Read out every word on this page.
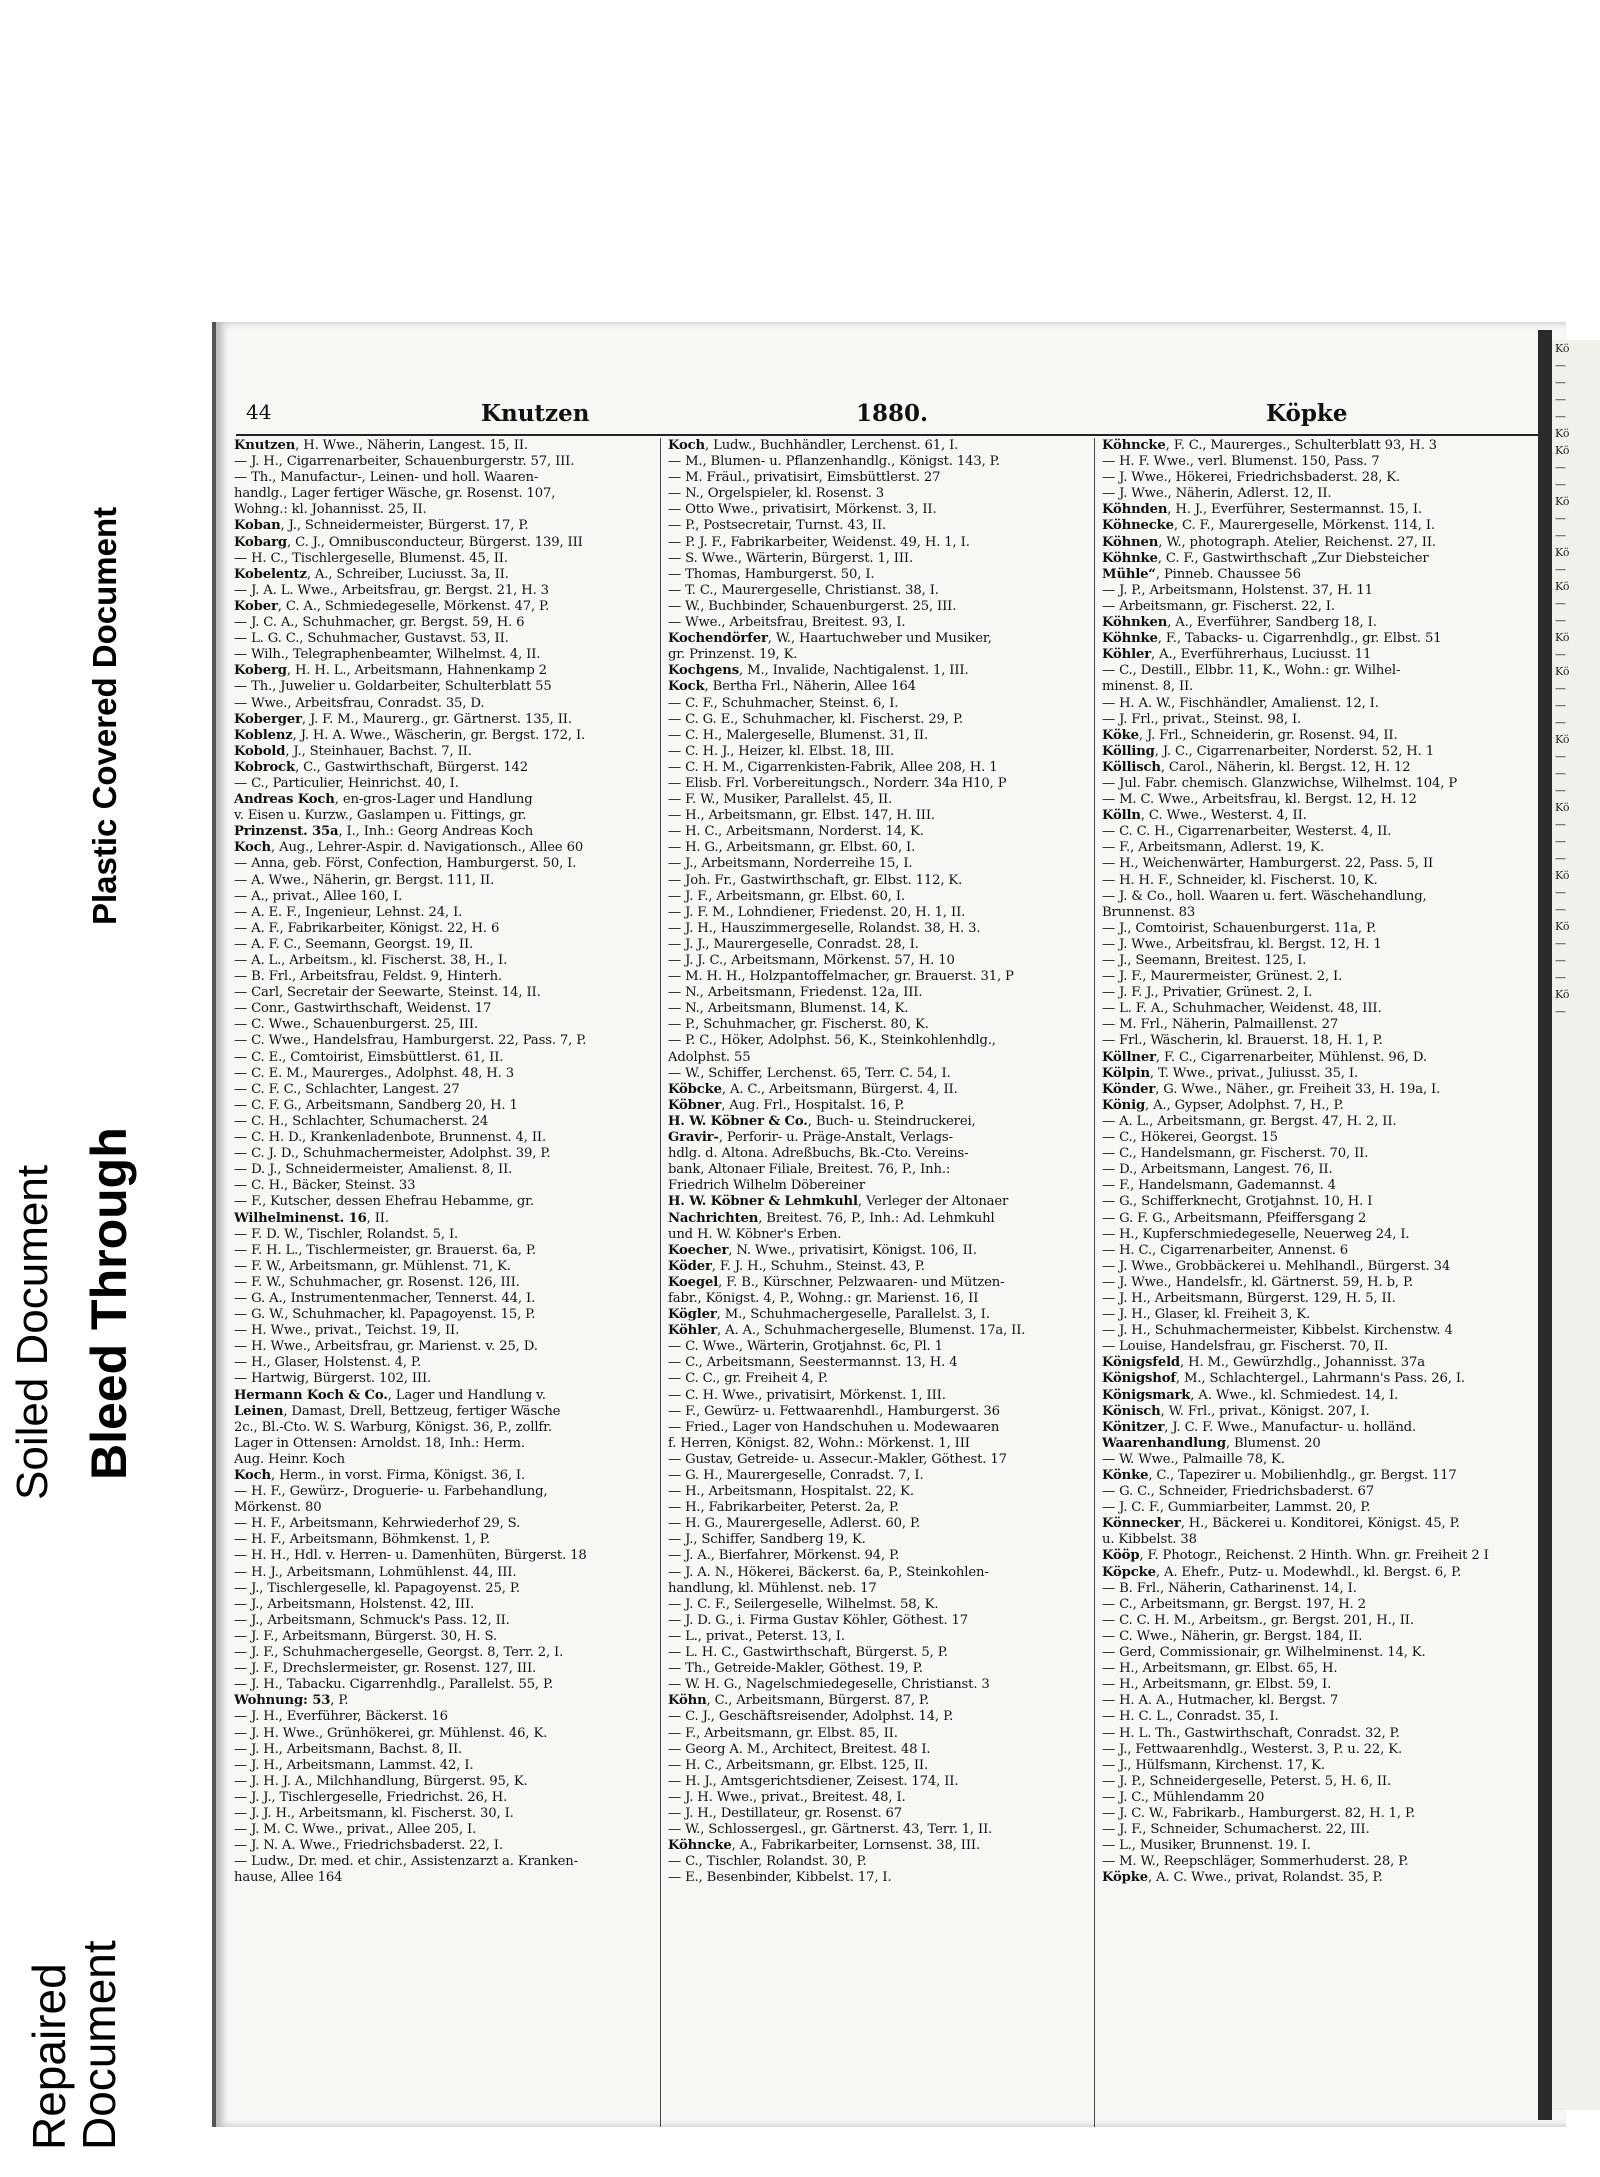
Soiled Document Bleed Through
Plastic Covered Document
Repaired
Document
44	Knutzen	1880.	Köpke
Knutzen, H. Wwe., Näherin, Langest. 15, II.
— J. H., Cigarrenarbeiter, Schauenburgerstr. 57, III.
— Th., Manufactur-, Leinen- und holl. Waaren-
handlg., Lager fertiger Wäsche, gr. Rosenst. 107,
Wohng.: kl. Johannisst. 25, II.
Koban, J., Schneidermeister, Bürgerst. 17, P.
Kobarg, C. J., Omnibusconducteur, Bürgerst. 139, III
— H. C., Tischlergeselle, Blumenst. 45, II.
Kobelentz, A., Schreiber, Luciusst. 3a, II.
— J. A. L. Wwe., Arbeitsfrau, gr. Bergst. 21, H. 3
Kober, C. A., Schmiedegeselle, Mörkenst. 47, P.
— J. C. A., Schuhmacher, gr. Bergst. 59, H. 6
— L. G. C., Schuhmacher, Gustavst. 53, II.
— Wilh., Telegraphenbeamter, Wilhelmst. 4, II.
Koberg, H. H. L., Arbeitsmann, Hahnenkamp 2
— Th., Juwelier u. Goldarbeiter, Schulterblatt 55
— Wwe., Arbeitsfrau, Conradst. 35, D.
Koberger, J. F. M., Maurerg., gr. Gärtnerst. 135, II.
Koblenz, J. H. A. Wwe., Wäscherin, gr. Bergst. 172, I.
Kobold, J., Steinhauer, Bachst. 7, II.
Kobrock, C., Gastwirthschaft, Bürgerst. 142
— C., Particulier, Heinrichst. 40, I.
Andreas Koch, en-gros-Lager und Handlung
v. Eisen u. Kurzw., Gaslampen u. Fittings, gr.
Prinzenst. 35a, I., Inh.: Georg Andreas Koch
Koch, Aug., Lehrer-Aspir. d. Navigationsch., Allee 60
— Anna, geb. Först, Confection, Hamburgerst. 50, I.
— A. Wwe., Näherin, gr. Bergst. 111, II.
— A., privat., Allee 160, I.
— A. E. F., Ingenieur, Lehnst. 24, I.
— A. F., Fabrikarbeiter, Königst. 22, H. 6
— A. F. C., Seemann, Georgst. 19, II.
— A. L., Arbeitsm., kl. Fischerst. 38, H., I.
— B. Frl., Arbeitsfrau, Feldst. 9, Hinterh.
— Carl, Secretair der Seewarte, Steinst. 14, II.
— Conr., Gastwirthschaft, Weidenst. 17
— C. Wwe., Schauenburgerst. 25, III.
— C. Wwe., Handelsfrau, Hamburgerst. 22, Pass. 7, P.
— C. E., Comtoirist, Eimsbüttlerst. 61, II.
— C. E. M., Maurerges., Adolphst. 48, H. 3
— C. F. C., Schlachter, Langest. 27
— C. F. G., Arbeitsmann, Sandberg 20, H. 1
— C. H., Schlachter, Schumacherst. 24
— C. H. D., Krankenladenbote, Brunnenst. 4, II.
— C. J. D., Schuhmachermeister, Adolphst. 39, P.
— D. J., Schneidermeister, Amalienst. 8, II.
— C. H., Bäcker, Steinst. 33
— F., Kutscher, dessen Ehefrau Hebamme, gr.
Wilhelminenst. 16, II.
— F. D. W., Tischler, Rolandst. 5, I.
— F. H. L., Tischlermeister, gr. Brauerst. 6a, P.
— F. W., Arbeitsmann, gr. Mühlenst. 71, K.
— F. W., Schuhmacher, gr. Rosenst. 126, III.
— G. A., Instrumentenmacher, Tennerst. 44, I.
— G. W., Schuhmacher, kl. Papagoyenst. 15, P.
— H. Wwe., privat., Teichst. 19, II.
— H. Wwe., Arbeitsfrau, gr. Marienst. v. 25, D.
— H., Glaser, Holstenst. 4, P.
— Hartwig, Bürgerst. 102, III.
Hermann Koch & Co., Lager und Handlung v.
Leinen, Damast, Drell, Bettzeug, fertiger Wäsche
2c., Bl.-Cto. W. S. Warburg, Königst. 36, P., zollfr.
Lager in Ottensen: Arnoldst. 18, Inh.: Herm.
Aug. Heinr. Koch
Koch, Herm., in vorst. Firma, Königst. 36, I.
— H. F., Gewürz-, Droguerie- u. Farbehandlung,
Mörkenst. 80
— H. F., Arbeitsmann, Kehrwiederhof 29, S.
— H. F., Arbeitsmann, Böhmkenst. 1, P.
— H. H., Hdl. v. Herren- u. Damenhüten, Bürgerst. 18
— H. J., Arbeitsmann, Lohmühlenst. 44, III.
— J., Tischlergeselle, kl. Papagoyenst. 25, P.
— J., Arbeitsmann, Holstenst. 42, III.
— J., Arbeitsmann, Schmuck's Pass. 12, II.
— J. F., Arbeitsmann, Bürgerst. 30, H. S.
— J. F., Schuhmachergeselle, Georgst. 8, Terr. 2, I.
— J. F., Drechslermeister, gr. Rosenst. 127, III.
— J. H., Tabacku. Cigarrenhdlg., Parallelst. 55, P.
Wohnung: 53, P.
— J. H., Everführer, Bäckerst. 16
— J. H. Wwe., Grünhökerei, gr. Mühlenst. 46, K.
— J. H., Arbeitsmann, Bachst. 8, II.
— J. H., Arbeitsmann, Lammst. 42, I.
— J. H. J. A., Milchhandlung, Bürgerst. 95, K.
— J. J., Tischlergeselle, Friedrichst. 26, H.
— J. J. H., Arbeitsmann, kl. Fischerst. 30, I.
— J. M. C. Wwe., privat., Allee 205, I.
— J. N. A. Wwe., Friedrichsbaderst. 22, I.
— Ludw., Dr. med. et chir., Assistenzarzt a. Kranken-
hause, Allee 164
Koch, Ludw., Buchhändler, Lerchenst. 61, I.
— M., Blumen- u. Pflanzenhandlg., Königst. 143, P.
— M. Fräul., privatisirt, Eimsbüttlerst. 27
— N., Orgelspieler, kl. Rosenst. 3
— Otto Wwe., privatisirt, Mörkenst. 3, II.
— P., Postsecretair, Turnst. 43, II.
— P. J. F., Fabrikarbeiter, Weidenst. 49, H. 1, I.
— S. Wwe., Wärterin, Bürgerst. 1, III.
— Thomas, Hamburgerst. 50, I.
— T. C., Maurergeselle, Christianst. 38, I.
— W., Buchbinder, Schauenburgerst. 25, III.
— Wwe., Arbeitsfrau, Breitest. 93, I.
Kochendörfer, W., Haartuchweber und Musiker,
gr. Prinzenst. 19, K.
Kochgens, M., Invalide, Nachtigalenst. 1, III.
Kock, Bertha Frl., Näherin, Allee 164
— C. F., Schuhmacher, Steinst. 6, I.
— C. G. E., Schuhmacher, kl. Fischerst. 29, P.
— C. H., Malergeselle, Blumenst. 31, II.
— C. H. J., Heizer, kl. Elbst. 18, III.
— C. H. M., Cigarrenkisten-Fabrik, Allee 208, H. 1
— Elisb. Frl. Vorbereitungsch., Norderr. 34a H10, P
— F. W., Musiker, Parallelst. 45, II.
— H., Arbeitsmann, gr. Elbst. 147, H. III.
— H. C., Arbeitsmann, Norderst. 14, K.
— H. G., Arbeitsmann, gr. Elbst. 60, I.
— J., Arbeitsmann, Norderreihe 15, I.
— Joh. Fr., Gastwirthschaft, gr. Elbst. 112, K.
— J. F., Arbeitsmann, gr. Elbst. 60, I.
— J. F. M., Lohndiener, Friedenst. 20, H. 1, II.
— J. H., Hauszimmergeselle, Rolandst. 38, H. 3.
— J. J., Maurergeselle, Conradst. 28, I.
— J. J. C., Arbeitsmann, Mörkenst. 57, H. 10
— M. H. H., Holzpantoffelmacher, gr. Brauerst. 31, P
— N., Arbeitsmann, Friedenst. 12a, III.
— N., Arbeitsmann, Blumenst. 14, K.
— P., Schuhmacher, gr. Fischerst. 80, K.
— P. C., Höker, Adolphst. 56, K., Steinkohlenhdlg.,
Adolphst. 55
— W., Schiffer, Lerchenst. 65, Terr. C. 54, I.
Köbcke, A. C., Arbeitsmann, Bürgerst. 4, II.
Köbner, Aug. Frl., Hospitalst. 16, P.
H. W. Köbner & Co., Buch- u. Steindruckerei,
Gravir-, Perforir- u. Präge-Anstalt, Verlags-
hdlg. d. Altona. Adreßbuchs, Bk.-Cto. Vereins-
bank, Altonaer Filiale, Breitest. 76, P., Inh.:
Friedrich Wilhelm Döbereiner
H. W. Köbner & Lehmkuhl, Verleger der Altonaer
Nachrichten, Breitest. 76, P., Inh.: Ad. Lehmkuhl
und H. W. Köbner's Erben.
Koecher, N. Wwe., privatisirt, Königst. 106, II.
Köder, F. J. H., Schuhm., Steinst. 43, P.
Koegel, F. B., Kürschner, Pelzwaaren- und Mützen-
fabr., Königst. 4, P., Wohng.: gr. Marienst. 16, II
Kögler, M., Schuhmachergeselle, Parallelst. 3, I.
Köhler, A. A., Schuhmachergeselle, Blumenst. 17a, II.
— C. Wwe., Wärterin, Grotjahnst. 6c, Pl. 1
— C., Arbeitsmann, Seestermannst. 13, H. 4
— C. C., gr. Freiheit 4, P.
— C. H. Wwe., privatisirt, Mörkenst. 1, III.
— F., Gewürz- u. Fettwaarenhdl., Hamburgerst. 36
— Fried., Lager von Handschuhen u. Modewaaren
f. Herren, Königst. 82, Wohn.: Mörkenst. 1, III
— Gustav, Getreide- u. Assecur.-Makler, Göthest. 17
— G. H., Maurergeselle, Conradst. 7, I.
— H., Arbeitsmann, Hospitalst. 22, K.
— H., Fabrikarbeiter, Peterst. 2a, P.
— H. G., Maurergeselle, Adlerst. 60, P.
— J., Schiffer, Sandberg 19, K.
— J. A., Bierfahrer, Mörkenst. 94, P.
— J. A. N., Hökerei, Bäckerst. 6a, P., Steinkohlen-
handlung, kl. Mühlenst. neb. 17
— J. C. F., Seilergeselle, Wilhelmst. 58, K.
— J. D. G., i. Firma Gustav Köhler, Göthest. 17
— L., privat., Peterst. 13, I.
— L. H. C., Gastwirthschaft, Bürgerst. 5, P.
— Th., Getreide-Makler, Göthest. 19, P.
— W. H. G., Nagelschmiedegeselle, Christianst. 3
Köhn, C., Arbeitsmann, Bürgerst. 87, P.
— C. J., Geschäftsreisender, Adolphst. 14, P.
— F., Arbeitsmann, gr. Elbst. 85, II.
— Georg A. M., Architect, Breitest. 48 I.
— H. C., Arbeitsmann, gr. Elbst. 125, II.
— H. J., Amtsgerichtsdiener, Zeisest. 174, II.
— J. H. Wwe., privat., Breitest. 48, I.
— J. H., Destillateur, gr. Rosenst. 67
— W., Schlossergesl., gr. Gärtnerst. 43, Terr. 1, II.
Köhncke, A., Fabrikarbeiter, Lornsenst. 38, III.
— C., Tischler, Rolandst. 30, P.
— E., Besenbinder, Kibbelst. 17, I.
Köhncke, F. C., Maurerges., Schulterblatt 93, H. 3
— H. F. Wwe., verl. Blumenst. 150, Pass. 7
— J. Wwe., Hökerei, Friedrichsbaderst. 28, K.
— J. Wwe., Näherin, Adlerst. 12, II.
Köhnden, H. J., Everführer, Sestermannst. 15, I.
Köhnecke, C. F., Maurergeselle, Mörkenst. 114, I.
Köhnen, W., photograph. Atelier, Reichenst. 27, II.
Köhnke, C. F., Gastwirthschaft „Zur Diebsteicher
Mühle“, Pinneb. Chaussee 56
— J. P., Arbeitsmann, Holstenst. 37, H. 11
— Arbeitsmann, gr. Fischerst. 22, I.
Köhnken, A., Everführer, Sandberg 18, I.
Köhnke, F., Tabacks- u. Cigarrenhdlg., gr. Elbst. 51
Köhler, A., Everführerhaus, Luciusst. 11
— C., Destill., Elbbr. 11, K., Wohn.: gr. Wilhel-
minenst. 8, II.
— H. A. W., Fischhändler, Amalienst. 12, I.
— J. Frl., privat., Steinst. 98, I.
Köke, J. Frl., Schneiderin, gr. Rosenst. 94, II.
Kölling, J. C., Cigarrenarbeiter, Norderst. 52, H. 1
Köllisch, Carol., Näherin, kl. Bergst. 12, H. 12
— Jul. Fabr. chemisch. Glanzwichse, Wilhelmst. 104, P
— M. C. Wwe., Arbeitsfrau, kl. Bergst. 12, H. 12
Kölln, C. Wwe., Westerst. 4, II.
— C. C. H., Cigarrenarbeiter, Westerst. 4, II.
— F., Arbeitsmann, Adlerst. 19, K.
— H., Weichenwärter, Hamburgerst. 22, Pass. 5, II
— H. H. F., Schneider, kl. Fischerst. 10, K.
— J. & Co., holl. Waaren u. fert. Wäschehandlung,
Brunnenst. 83
— J., Comtoirist, Schauenburgerst. 11a, P.
— J. Wwe., Arbeitsfrau, kl. Bergst. 12, H. 1
— J., Seemann, Breitest. 125, I.
— J. F., Maurermeister, Grünest. 2, I.
— J. F. J., Privatier, Grünest. 2, I.
— L. F. A., Schuhmacher, Weidenst. 48, III.
— M. Frl., Näherin, Palmaillenst. 27
— Frl., Wäscherin, kl. Brauerst. 18, H. 1, P.
Köllner, F. C., Cigarrenarbeiter, Mühlenst. 96, D.
Kölpin, T. Wwe., privat., Juliusst. 35, I.
Könder, G. Wwe., Näher., gr. Freiheit 33, H. 19a, I.
König, A., Gypser, Adolphst. 7, H., P.
— A. L., Arbeitsmann, gr. Bergst. 47, H. 2, II.
— C., Hökerei, Georgst. 15
— C., Handelsmann, gr. Fischerst. 70, II.
— D., Arbeitsmann, Langest. 76, II.
— F., Handelsmann, Gademannst. 4
— G., Schifferknecht, Grotjahnst. 10, H. I
— G. F. G., Arbeitsmann, Pfeiffersgang 2
— H., Kupferschmiedegeselle, Neuerweg 24, I.
— H. C., Cigarrenarbeiter, Annenst. 6
— J. Wwe., Grobbäckerei u. Mehlhandl., Bürgerst. 34
— J. Wwe., Handelsfr., kl. Gärtnerst. 59, H. b, P.
— J. H., Arbeitsmann, Bürgerst. 129, H. 5, II.
— J. H., Glaser, kl. Freiheit 3, K.
— J. H., Schuhmachermeister, Kibbelst. Kirchenstw. 4
— Louise, Handelsfrau, gr. Fischerst. 70, II.
Königsfeld, H. M., Gewürzhdlg., Johannisst. 37a
Königshof, M., Schlachtergel., Lahrmann's Pass. 26, I.
Königsmark, A. Wwe., kl. Schmiedest. 14, I.
Könisch, W. Frl., privat., Königst. 207, I.
Könitzer, J. C. F. Wwe., Manufactur- u. holländ.
Waarenhandlung, Blumenst. 20
— W. Wwe., Palmaille 78, K.
Könke, C., Tapezirer u. Mobilienhdlg., gr. Bergst. 117
— G. C., Schneider, Friedrichsbaderst. 67
— J. C. F., Gummiarbeiter, Lammst. 20, P.
Könnecker, H., Bäckerei u. Konditorei, Königst. 45, P.
u. Kibbelst. 38
Kööp, F. Photogr., Reichenst. 2 Hinth. Whn. gr. Freiheit 2 I
Köpcke, A. Ehefr., Putz- u. Modewhdl., kl. Bergst. 6, P.
— B. Frl., Näherin, Catharinenst. 14, I.
— C., Arbeitsmann, gr. Bergst. 197, H. 2
— C. C. H. M., Arbeitsm., gr. Bergst. 201, H., II.
— C. Wwe., Näherin, gr. Bergst. 184, II.
— Gerd, Commissionair, gr. Wilhelminenst. 14, K.
— H., Arbeitsmann, gr. Elbst. 65, H.
— H., Arbeitsmann, gr. Elbst. 59, I.
— H. A. A., Hutmacher, kl. Bergst. 7
— H. C. L., Conradst. 35, I.
— H. L. Th., Gastwirthschaft, Conradst. 32, P.
— J., Fettwaarenhdlg., Westerst. 3, P. u. 22, K.
— J., Hülfsmann, Kirchenst. 17, K.
— J. P., Schneidergeselle, Peterst. 5, H. 6, II.
— J. C., Mühlendamm 20
— J. C. W., Fabrikarb., Hamburgerst. 82, H. 1, P.
— J. F., Schneider, Schumacherst. 22, III.
— L., Musiker, Brunnenst. 19. I.
— M. W., Reepschläger, Sommerhuderst. 28, P.
Köpke, A. C. Wwe., privat, Rolandst. 35, P.
Kö
—
—
—
—
Kö
Kö
—
—
Kö
—
—
Kö
—
Kö
—
—
Kö
—
Kö
—
—
—
Kö
—
—
—
Kö
—
—
—
Kö
—
—
Kö
—
—
—
Kö
—
